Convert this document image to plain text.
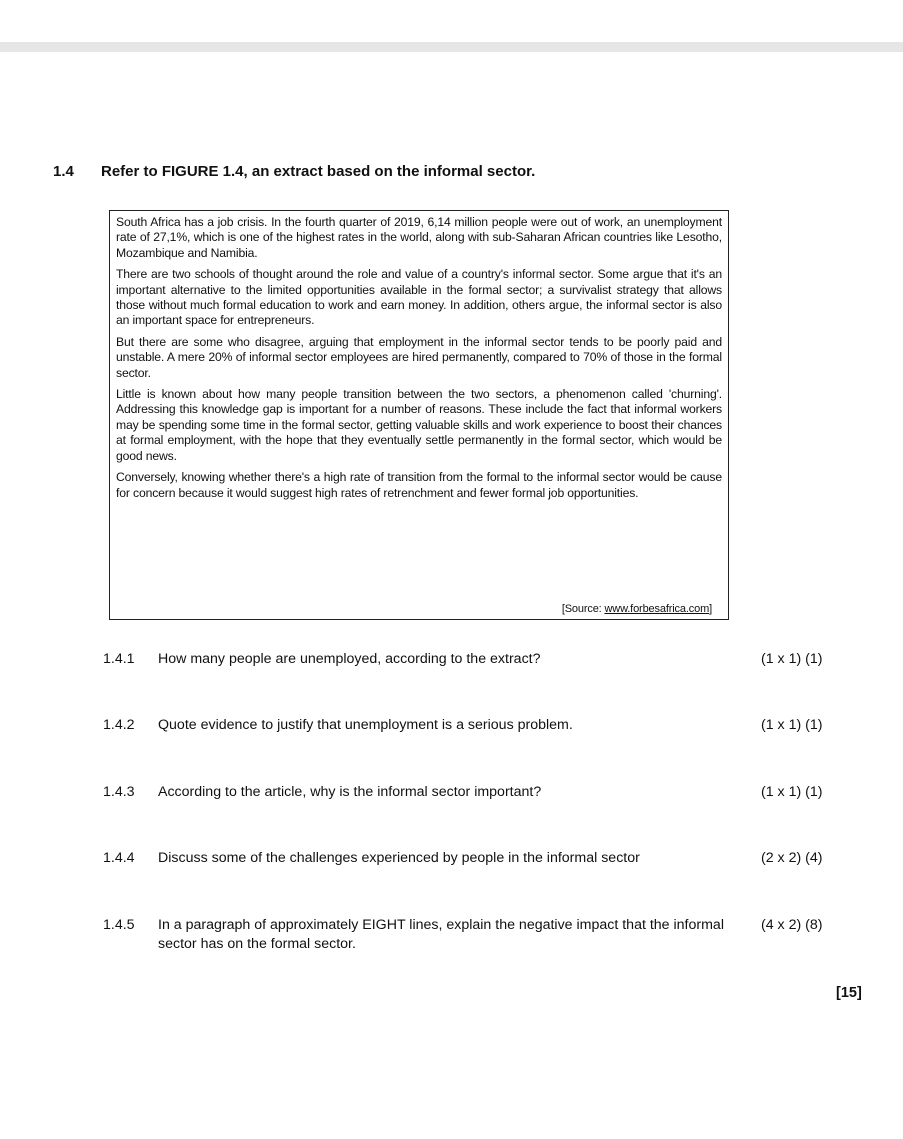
1.4 Refer to FIGURE 1.4, an extract based on the informal sector.

South Africa has a job crisis. In the fourth quarter of 2019, 6,14 million people were out of work, an unemployment rate of 27,1%, which is one of the highest rates in the world, along with sub-Saharan African countries like Lesotho, Mozambique and Namibia.

There are two schools of thought around the role and value of a country's informal sector. Some argue that it's an important alternative to the limited opportunities available in the formal sector; a survivalist strategy that allows those without much formal education to work and earn money. In addition, others argue, the informal sector is also an important space for entrepreneurs.

But there are some who disagree, arguing that employment in the informal sector tends to be poorly paid and unstable. A mere 20% of informal sector employees are hired permanently, compared to 70% of those in the formal sector.

Little is known about how many people transition between the two sectors, a phenomenon called 'churning'. Addressing this knowledge gap is important for a number of reasons. These include the fact that informal workers may be spending some time in the formal sector, getting valuable skills and work experience to boost their chances at formal employment, with the hope that they eventually settle permanently in the formal sector, which would be good news.

Conversely, knowing whether there's a high rate of transition from the formal to the informal sector would be cause for concern because it would suggest high rates of retrenchment and fewer formal job opportunities.

[Source: www.forbesafrica.com]
1.4.1 How many people are unemployed, according to the extract?	(1 x 1) (1)
1.4.2 Quote evidence to justify that unemployment is a serious problem.	(1 x 1) (1)
1.4.3 According to the article, why is the informal sector important?	(1 x 1) (1)
1.4.4 Discuss some of the challenges experienced by people in the informal sector	(2 x 2) (4)
1.4.5 In a paragraph of approximately EIGHT lines, explain the negative impact that the informal sector has on the formal sector.
(4 x 2) (8)
[15]
